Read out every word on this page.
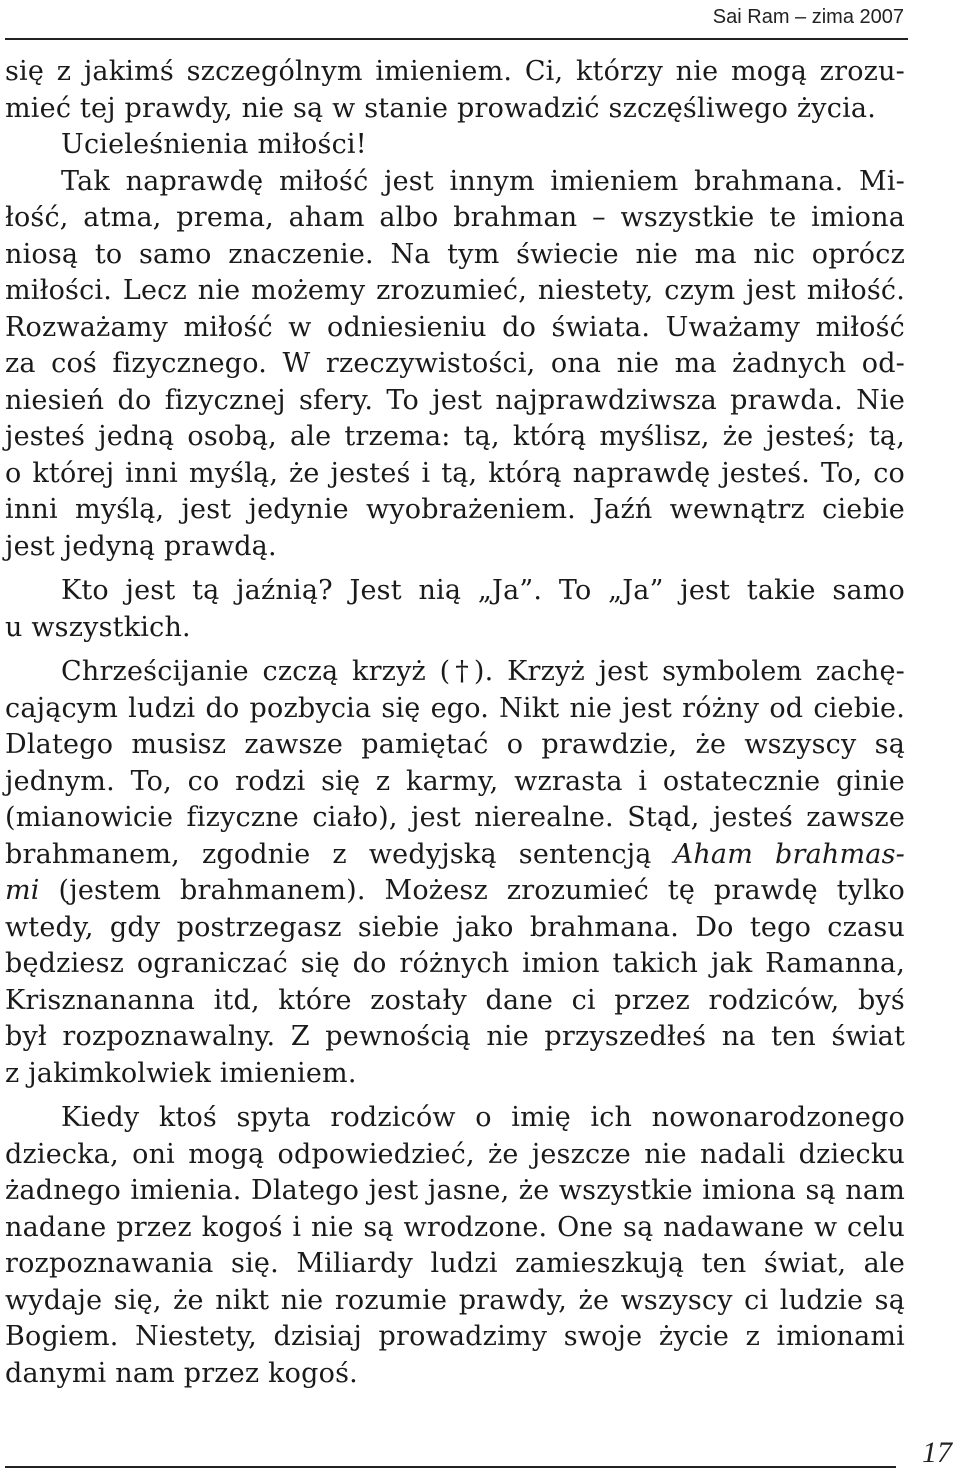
Sai Ram – zima 2007
się z jakimś szczególnym imieniem. Ci, którzy nie mogą zrozu-
mieć tej prawdy, nie są w stanie prowadzić szczęśliwego życia.
Ucieleśnienia miłości!
Tak naprawdę miłość jest innym imieniem brahmana. Mi-
łość, atma, prema, aham albo brahman – wszystkie te imiona
niosą to samo znaczenie. Na tym świecie nie ma nic oprócz
miłości. Lecz nie możemy zrozumieć, niestety, czym jest miłość.
Rozważamy miłość w odniesieniu do świata. Uważamy miłość
za coś fizycznego. W rzeczywistości, ona nie ma żadnych od-
niesień do fizycznej sfery. To jest najprawdziwsza prawda. Nie
jesteś jedną osobą, ale trzema: tą, którą myślisz, że jesteś; tą,
o której inni myślą, że jesteś i tą, którą naprawdę jesteś. To, co
inni myślą, jest jedynie wyobrażeniem. Jaźń wewnątrz ciebie
jest jedyną prawdą.
Kto jest tą jaźnią? Jest nią „Ja”. To „Ja” jest takie samo
u wszystkich.
Chrześcijanie czczą krzyż (†). Krzyż jest symbolem zachę-
cającym ludzi do pozbycia się ego. Nikt nie jest różny od ciebie.
Dlatego musisz zawsze pamiętać o prawdzie, że wszyscy są
jednym. To, co rodzi się z karmy, wzrasta i ostatecznie ginie
(mianowicie fizyczne ciało), jest nierealne. Stąd, jesteś zawsze
brahmanem, zgodnie z wedyjską sentencją Aham brahmas-
mi (jestem brahmanem). Możesz zrozumieć tę prawdę tylko
wtedy, gdy postrzegasz siebie jako brahmana. Do tego czasu
będziesz ograniczać się do różnych imion takich jak Ramanna,
Krisznananna itd, które zostały dane ci przez rodziców, byś
był rozpoznawalny. Z pewnością nie przyszedłeś na ten świat
z jakimkolwiek imieniem.
Kiedy ktoś spyta rodziców o imię ich nowonarodzonego
dziecka, oni mogą odpowiedzieć, że jeszcze nie nadali dziecku
żadnego imienia. Dlatego jest jasne, że wszystkie imiona są nam
nadane przez kogoś i nie są wrodzone. One są nadawane w celu
rozpoznawania się. Miliardy ludzi zamieszkują ten świat, ale
wydaje się, że nikt nie rozumie prawdy, że wszyscy ci ludzie są
Bogiem. Niestety, dzisiaj prowadzimy swoje życie z imionami
danymi nam przez kogoś.
17
